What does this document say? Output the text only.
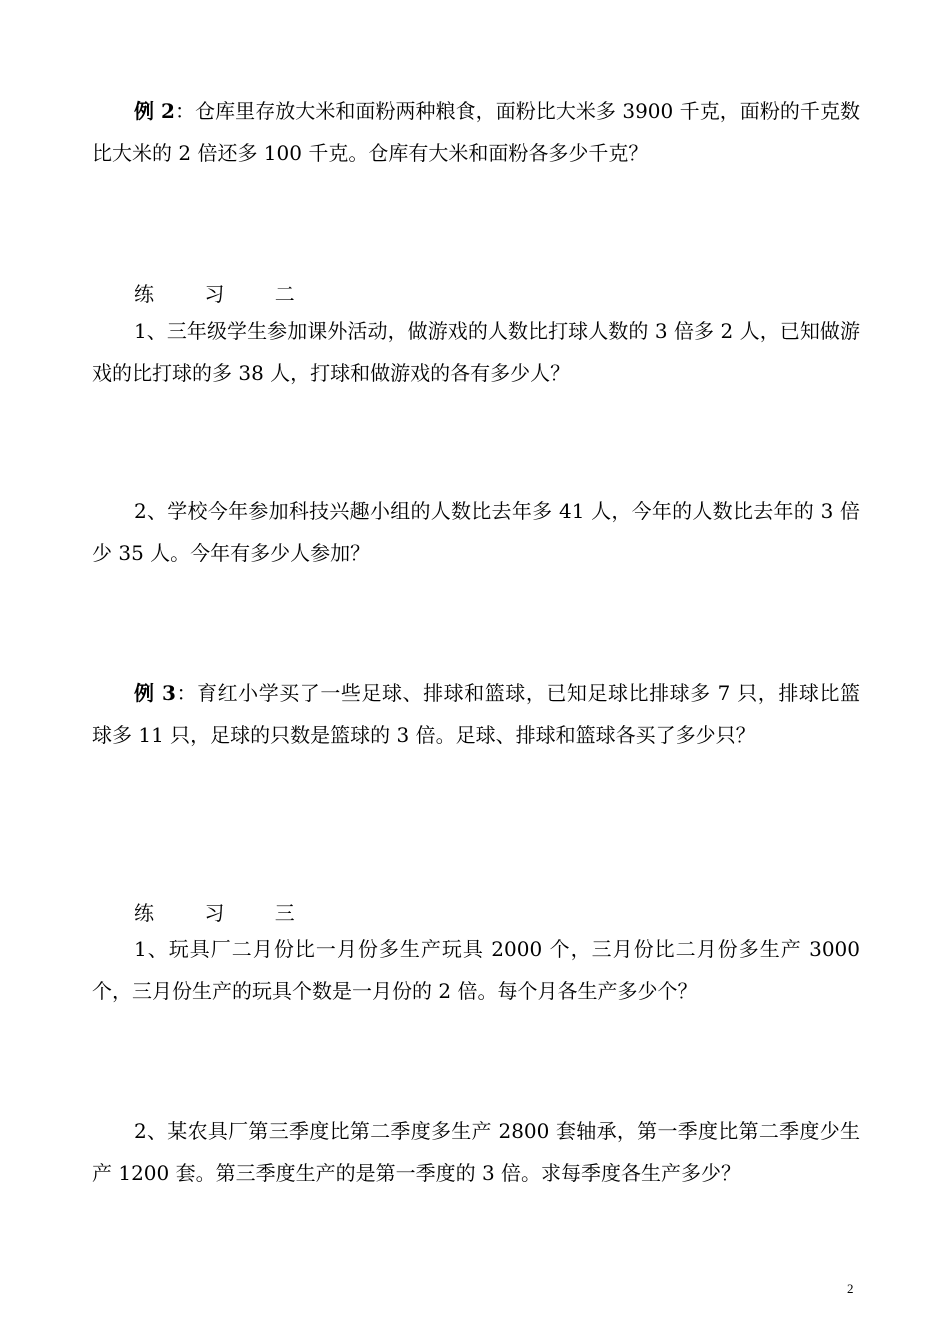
例 2：仓库里存放大米和面粉两种粮食，面粉比大米多 3900 千克，面粉的千克数比大米的 2 倍还多 100 千克。仓库有大米和面粉各多少千克？

练 习 二

1、三年级学生参加课外活动，做游戏的人数比打球人数的 3 倍多 2 人，已知做游戏的比打球的多 38 人，打球和做游戏的各有多少人？

2、学校今年参加科技兴趣小组的人数比去年多 41 人，今年的人数比去年的 3 倍少 35 人。今年有多少人参加？

例 3：育红小学买了一些足球、排球和篮球，已知足球比排球多 7 只，排球比篮球多 11 只，足球的只数是篮球的 3 倍。足球、排球和篮球各买了多少只？

练 习 三

1、玩具厂二月份比一月份多生产玩具 2000 个，三月份比二月份多生产 3000 个，三月份生产的玩具个数是一月份的 2 倍。每个月各生产多少个？

2、某农具厂第三季度比第二季度多生产 2800 套轴承，第一季度比第二季度少生产 1200 套。第三季度生产的是第一季度的 3 倍。求每季度各生产多少？

2
